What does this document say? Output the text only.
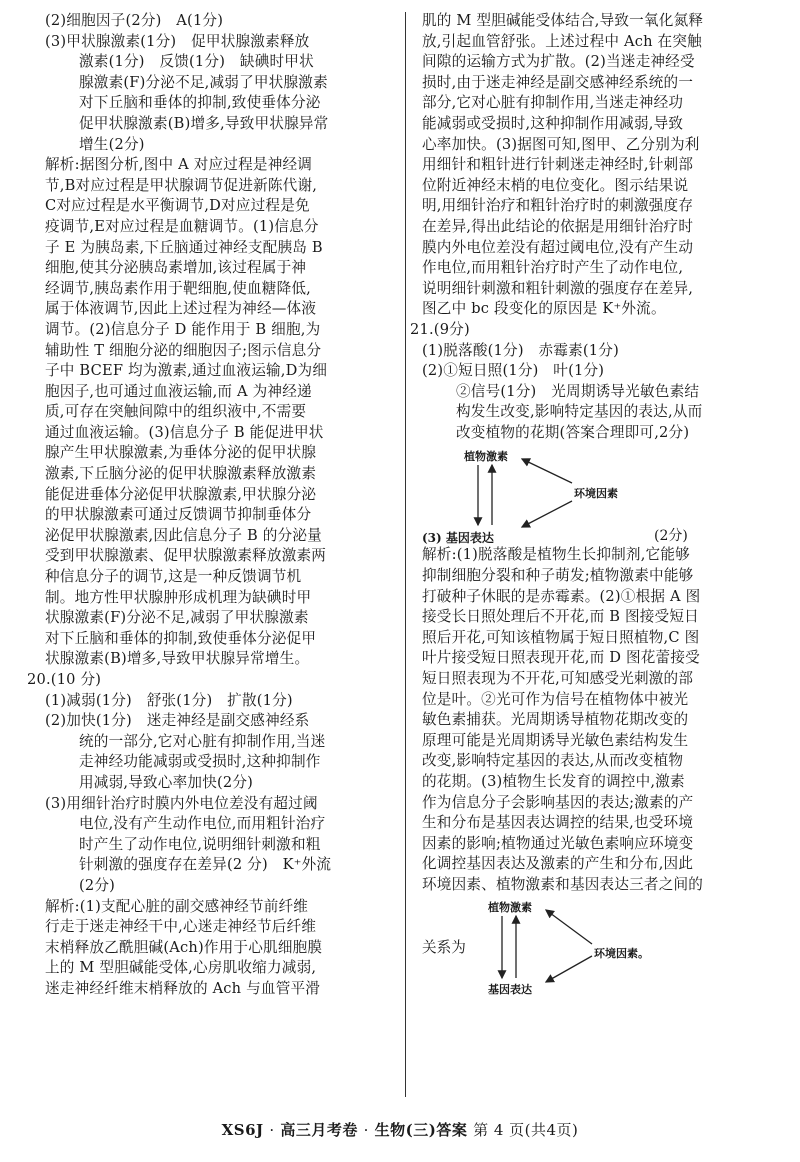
(2)细胞因子(2分)　A(1分)
(3)甲状腺激素(1分)　促甲状腺激素释放
激素(1分)　反馈(1分)　缺碘时甲状
腺激素(F)分泌不足,减弱了甲状腺激素
对下丘脑和垂体的抑制,致使垂体分泌
促甲状腺激素(B)增多,导致甲状腺异常
增生(2分)
解析:据图分析,图中 A 对应过程是神经调
节,B对应过程是甲状腺调节促进新陈代谢,
C对应过程是水平衡调节,D对应过程是免
疫调节,E对应过程是血糖调节。(1)信息分
子 E 为胰岛素,下丘脑通过神经支配胰岛 B
细胞,使其分泌胰岛素增加,该过程属于神
经调节,胰岛素作用于靶细胞,使血糖降低,
属于体液调节,因此上述过程为神经—体液
调节。(2)信息分子 D 能作用于 B 细胞,为
辅助性 T 细胞分泌的细胞因子;图示信息分
子中 BCEF 均为激素,通过血液运输,D为细
胞因子,也可通过血液运输,而 A 为神经递
质,可存在突触间隙中的组织液中,不需要
通过血液运输。(3)信息分子 B 能促进甲状
腺产生甲状腺激素,为垂体分泌的促甲状腺
激素,下丘脑分泌的促甲状腺激素释放激素
能促进垂体分泌促甲状腺激素,甲状腺分泌
的甲状腺激素可通过反馈调节抑制垂体分
泌促甲状腺激素,因此信息分子 B 的分泌量
受到甲状腺激素、促甲状腺激素释放激素两
种信息分子的调节,这是一种反馈调节机
制。地方性甲状腺肿形成机理为缺碘时甲
状腺激素(F)分泌不足,减弱了甲状腺激素
对下丘脑和垂体的抑制,致使垂体分泌促甲
状腺激素(B)增多,导致甲状腺异常增生。
20.(10 分)
(1)减弱(1分)　舒张(1分)　扩散(1分)
(2)加快(1分)　迷走神经是副交感神经系
统的一部分,它对心脏有抑制作用,当迷
走神经功能减弱或受损时,这种抑制作
用减弱,导致心率加快(2分)
(3)用细针治疗时膜内外电位差没有超过阈
电位,没有产生动作电位,而用粗针治疗
时产生了动作电位,说明细针刺激和粗
针刺激的强度存在差异(2 分)　K⁺外流
(2分)
解析:(1)支配心脏的副交感神经节前纤维
行走于迷走神经干中,心迷走神经节后纤维
末梢释放乙酰胆碱(Ach)作用于心肌细胞膜
上的 M 型胆碱能受体,心房肌收缩力减弱,
迷走神经纤维末梢释放的 Ach 与血管平滑
肌的 M 型胆碱能受体结合,导致一氧化氮释
放,引起血管舒张。上述过程中 Ach 在突触
间隙的运输方式为扩散。(2)当迷走神经受
损时,由于迷走神经是副交感神经系统的一
部分,它对心脏有抑制作用,当迷走神经功
能减弱或受损时,这种抑制作用减弱,导致
心率加快。(3)据图可知,图甲、乙分别为利
用细针和粗针进行针刺迷走神经时,针刺部
位附近神经末梢的电位变化。图示结果说
明,用细针治疗和粗针治疗时的刺激强度存
在差异,得出此结论的依据是用细针治疗时
膜内外电位差没有超过阈电位,没有产生动
作电位,而用粗针治疗时产生了动作电位,
说明细针刺激和粗针刺激的强度存在差异,
图乙中 bc 段变化的原因是 K⁺外流。
21.(9分)
(1)脱落酸(1分)　赤霉素(1分)
(2)①短日照(1分)　叶(1分)
②信号(1分)　光周期诱导光敏色素结
构发生改变,影响特定基因的表达,从而
改变植物的花期(答案合理即可,2分)
植物激素
环境因素
(3) 基因表达	(2分)
解析:(1)脱落酸是植物生长抑制剂,它能够
抑制细胞分裂和种子萌发;植物激素中能够
打破种子休眠的是赤霉素。(2)①根据 A 图
接受长日照处理后不开花,而 B 图接受短日
照后开花,可知该植物属于短日照植物,C 图
叶片接受短日照表现开花,而 D 图花蕾接受
短日照表现为不开花,可知感受光刺激的部
位是叶。②光可作为信号在植物体中被光
敏色素捕获。光周期诱导植物花期改变的
原理可能是光周期诱导光敏色素结构发生
改变,影响特定基因的表达,从而改变植物
的花期。(3)植物生长发育的调控中,激素
作为信息分子会影响基因的表达;激素的产
生和分布是基因表达调控的结果,也受环境
因素的影响;植物通过光敏色素响应环境变
化调控基因表达及激素的产生和分布,因此
环境因素、植物激素和基因表达三者之间的
关系为
植物激素
环境因素。
基因表达
XS6J · 高三月考卷 · 生物(三)答案 第 4 页(共4页)
